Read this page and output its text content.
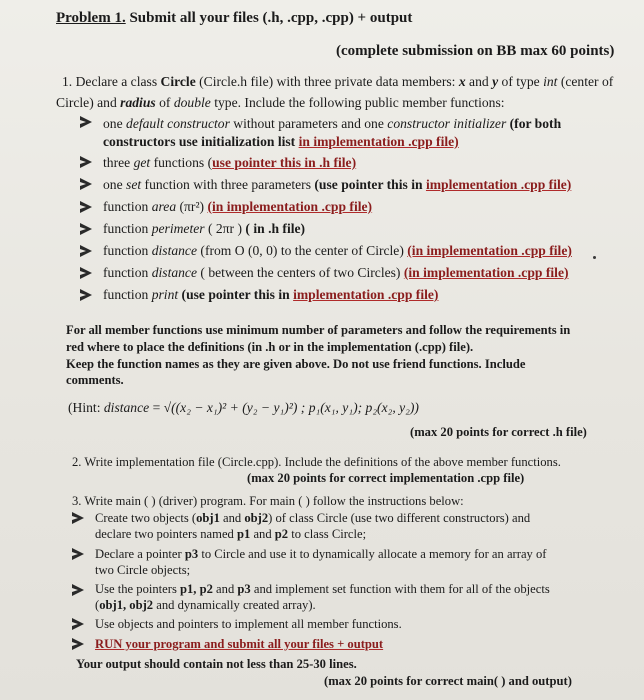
Problem 1. Submit all your files (.h, .cpp, .cpp) + output
(complete submission on BB max 60 points)
1. Declare a class Circle (Circle.h file) with three private data members: x and y of type int (center of
Circle) and radius of double type. Include the following public member functions:
one default constructor without parameters and one constructor initializer (for both
constructors use initialization list in implementation .cpp file)
three get functions (use pointer this in .h file)
one set function with three parameters (use pointer this in implementation .cpp file)
function area (πr²) (in implementation .cpp file)
function perimeter ( 2πr ) ( in .h file)
function distance (from O (0, 0) to the center of Circle) (in implementation .cpp file)
function distance ( between the centers of two Circles) (in implementation .cpp file)
function print (use pointer this in implementation .cpp file)
For all member functions use minimum number of parameters and follow the requirements in
red where to place the definitions (in .h or in the implementation (.cpp) file).
Keep the function names as they are given above. Do not use friend functions. Include
comments.
(Hint: distance = √((x₂ − x₁)² + (y₂ − y₁)²) ; p₁(x₁, y₁); p₂(x₂, y₂))
(max 20 points for correct .h file)
2. Write implementation file (Circle.cpp). Include the definitions of the above member functions.
(max 20 points for correct implementation .cpp file)
3. Write main ( ) (driver) program. For main ( ) follow the instructions below:
Create two objects (obj1 and obj2) of class Circle (use two different constructors) and
declare two pointers named p1 and p2 to class Circle;
Declare a pointer p3 to Circle and use it to dynamically allocate a memory for an array of
two Circle objects;
Use the pointers p1, p2 and p3 and implement set function with them for all of the objects
(obj1, obj2 and dynamically created array).
Use objects and pointers to implement all member functions.
RUN your program and submit all your files + output
Your output should contain not less than 25-30 lines.
(max 20 points for correct main( ) and output)
